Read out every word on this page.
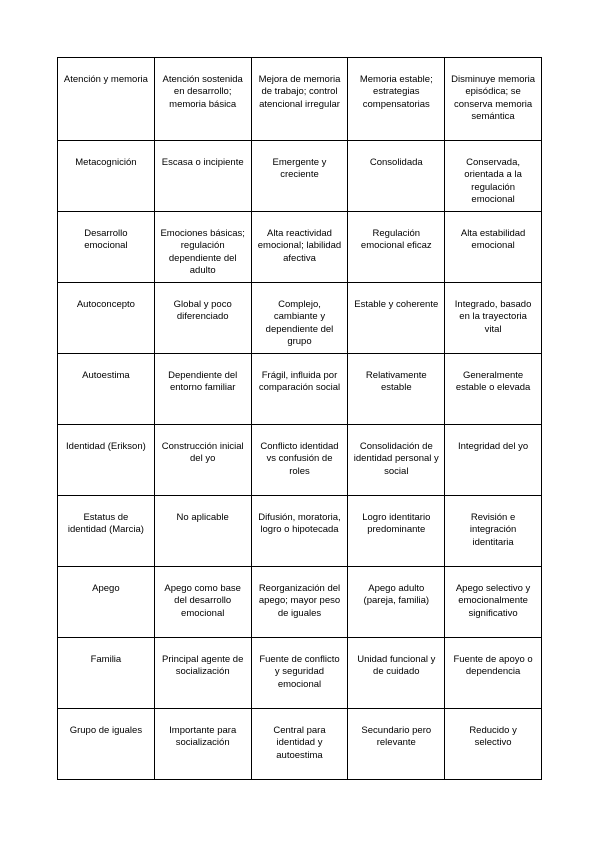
Atención y memoria	Atención sostenida en desarrollo; memoria básica	Mejora de memoria de trabajo; control atencional irregular	Memoria estable; estrategias compensatorias	Disminuye memoria episódica; se conserva memoria semántica
Metacognición	Escasa o incipiente	Emergente y creciente	Consolidada	Conservada, orientada a la regulación emocional
Desarrollo emocional	Emociones básicas; regulación dependiente del adulto	Alta reactividad emocional; labilidad afectiva	Regulación emocional eficaz	Alta estabilidad emocional
Autoconcepto	Global y poco diferenciado	Complejo, cambiante y dependiente del grupo	Estable y coherente	Integrado, basado en la trayectoria vital
Autoestima	Dependiente del entorno familiar	Frágil, influida por comparación social	Relativamente estable	Generalmente estable o elevada
Identidad (Erikson)	Construcción inicial del yo	Conflicto identidad vs confusión de roles	Consolidación de identidad personal y social	Integridad del yo
Estatus de identidad (Marcia)	No aplicable	Difusión, moratoria, logro o hipotecada	Logro identitario predominante	Revisión e integración identitaria
Apego	Apego como base del desarrollo emocional	Reorganización del apego; mayor peso de iguales	Apego adulto (pareja, familia)	Apego selectivo y emocionalmente significativo
Familia	Principal agente de socialización	Fuente de conflicto y seguridad emocional	Unidad funcional y de cuidado	Fuente de apoyo o dependencia
Grupo de iguales	Importante para socialización	Central para identidad y autoestima	Secundario pero relevante	Reducido y selectivo
